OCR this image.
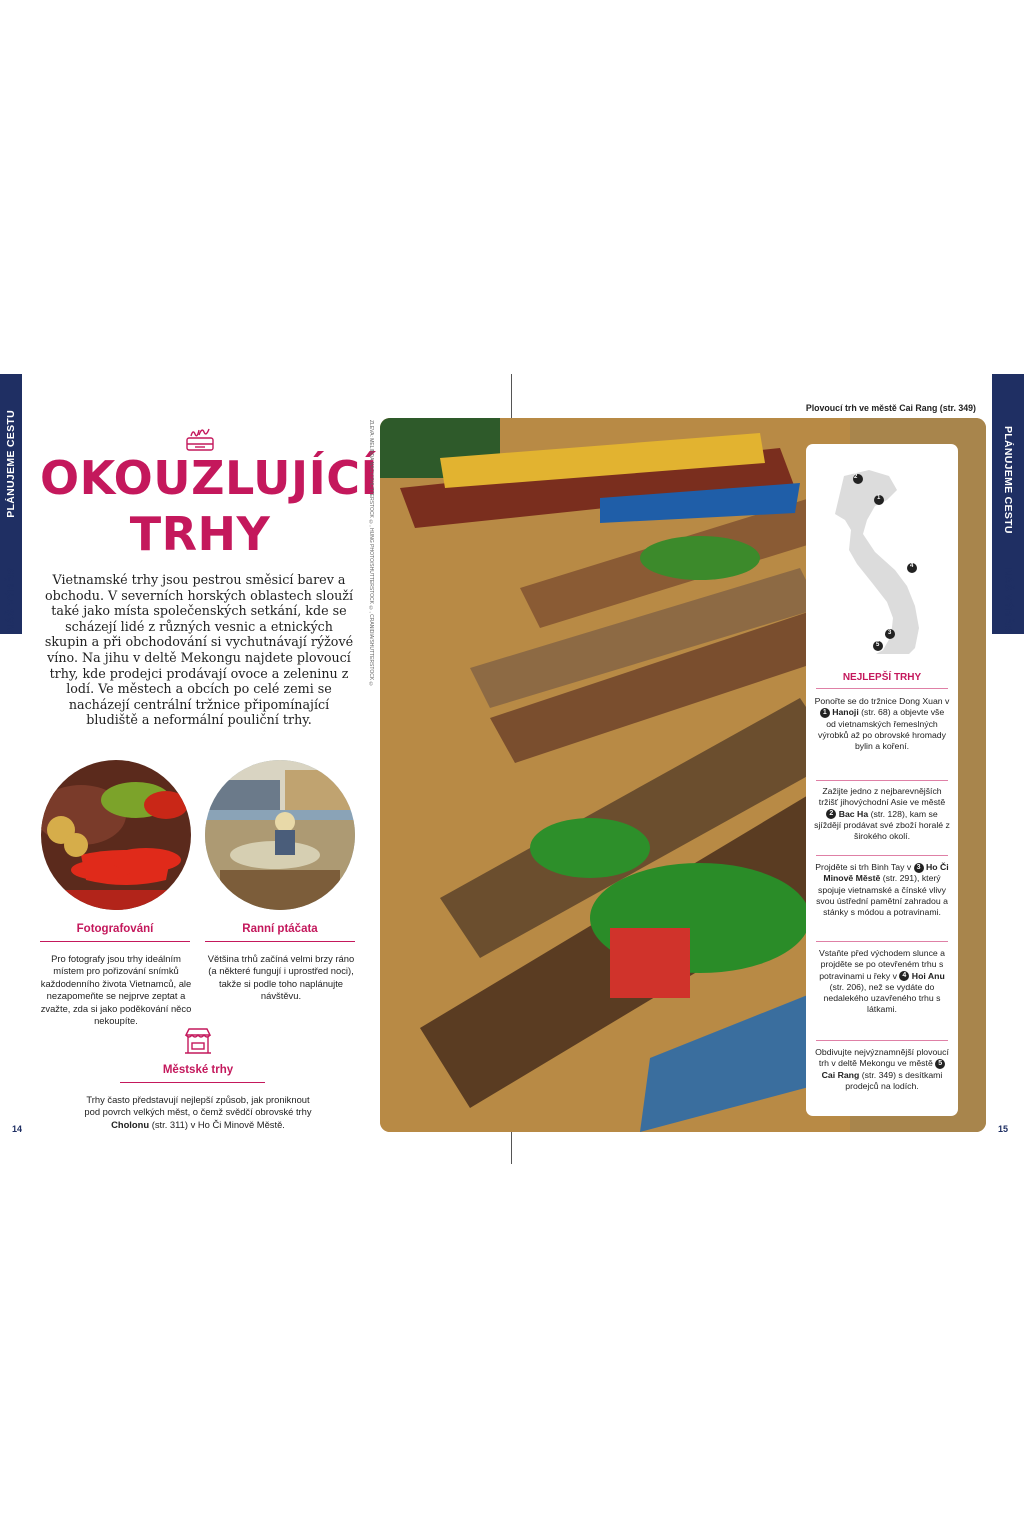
PLÁNUJEME CESTU
NÁŠ VÝBĚR
OKOUZLUJÍCÍ
TRHY
Vietnamské trhy jsou pestrou směsicí barev a obchodu. V severních horských oblastech slouží také jako místa společenských setkání, kde se scházejí lidé z různých vesnic a etnických skupin a při obchodování si vychutnávají rýžové víno. Na jihu v deltě Mekongu najdete plovoucí trhy, kde prodejci prodávají ovoce a zeleninu z lodí. Ve městech a obcích po celé zemi se nacházejí centrální tržnice připomínající bludiště a neformální pouliční trhy.
Fotografování
Pro fotografy jsou trhy ideálním místem pro pořizování snímků každodenního života Vietnamců, ale nezapomeňte se nejprve zeptat a zvažte, zda si jako poděkování něco nekoupíte.
Ranní ptáčata
Většina trhů začíná velmi brzy ráno (a některé fungují i uprostřed noci), takže si podle toho naplánujte návštěvu.
Městské trhy
Trhy často představují nejlepší způsob, jak proniknout pod povrch velkých měst, o čemž svědčí obrovské trhy Cholonu (str. 311) v Ho Či Minově Městě.
14
Plovoucí trh ve městě Cai Rang (str. 349)
ZLEVA: MELINDA NAGY/SHUTTERSTOCK ©, HUNG PHOTO/SHUTTERSTOCK ©, CRANIDIA/SHUTTERSTOCK ©	2
1
4
3
5
NEJLEPŠÍ TRHY
Ponořte se do tržnice Dong Xuan v 1 Hanoji (str. 68) a objevte vše od vietnamských řemeslných výrobků až po obrovské hromady bylin a koření.
Zažijte jedno z nejbarevnějších tržišť jihovýchodní Asie ve městě 2 Bac Ha (str. 128), kam se sjíždějí prodávat své zboží horalé z širokého okolí.
Projděte si trh Binh Tay v 3 Ho Či Minově Městě (str. 291), který spojuje vietnamské a čínské vlivy svou ústřední pamětní zahradou a stánky s módou a potravinami.
Vstaňte před východem slunce a projděte se po otevřeném trhu s potravinami u řeky v 4 Hoi Anu (str. 206), než se vydáte do nedalekého uzavřeného trhu s látkami.
Obdivujte nejvýznamnější plovoucí trh v deltě Mekongu ve městě 5 Cai Rang (str. 349) s desítkami prodejců na lodích.
PLÁNUJEME CESTU
NÁŠ VÝBĚR
15
